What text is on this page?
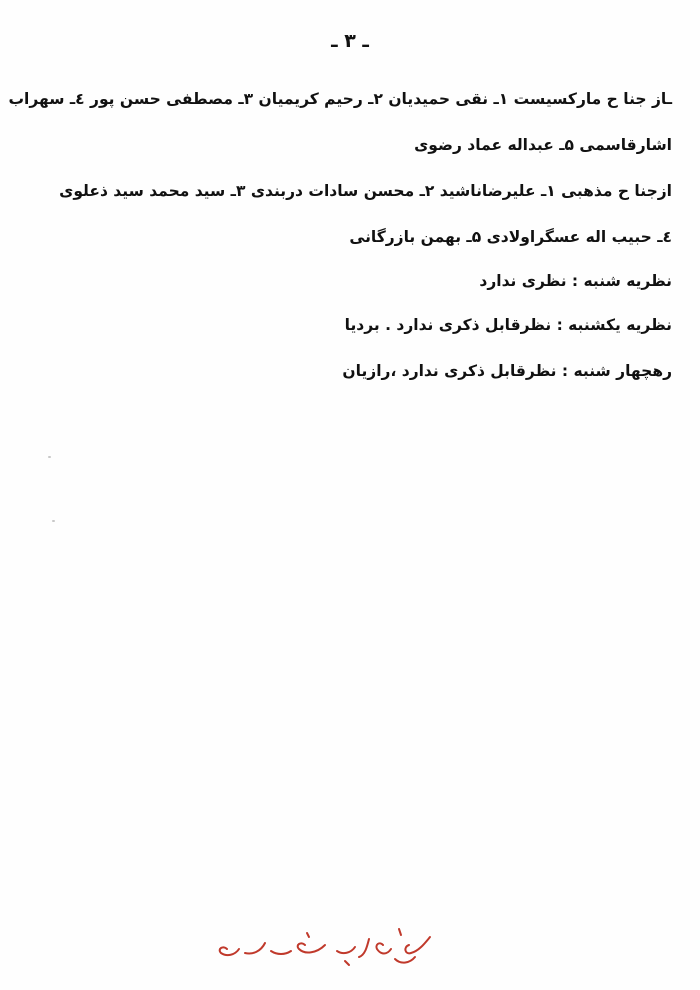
ـ ٣ ـ
ـاز جنا ح مارکسیست ۱ـ نقی حمیدیان ۲ـ رحیم کریمیان ۳ـ مصطفی حسن پور ٤ـ سهراب
اشارقاسمی ۵ـ عبداله عماد رضوی
ازجنا ح مذهبی ۱ـ علیرضاناشید ۲ـ محسن سادات دربندی ۳ـ سید محمد سید ذعلوی
٤ـ حبیب اله عسگراولادی ۵ـ بهمن بازرگانی
نظریه شنبه : نظری ندارد
نظریه یکشنبه : نظرقابل ذکری ندارد . بردیا
رهچهار شنبه : نظرقابل ذکری ندارد ،رازیان
